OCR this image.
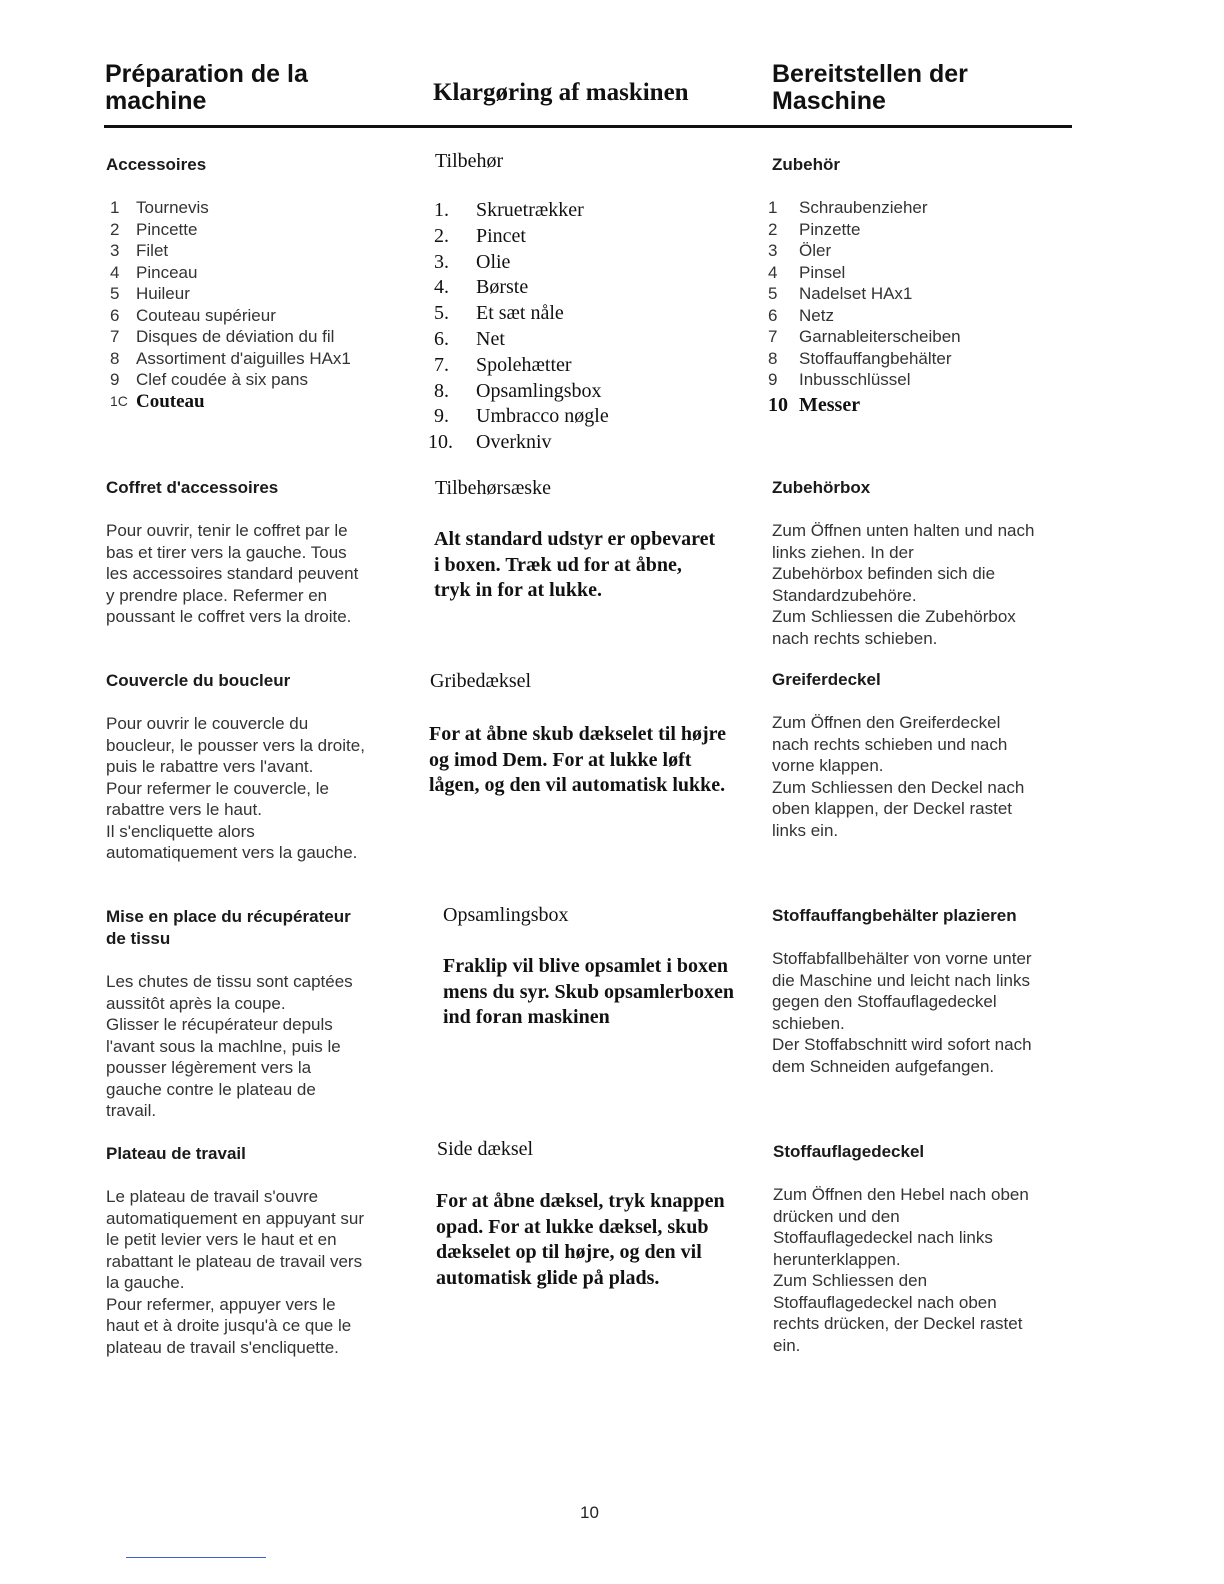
Préparation de la
machine	Klargøring af maskinen
Bereitstellen der
Maschine
Accessoires
1 Tournevis
2 Pincette
3 Filet
4 Pinceau
5 Huileur
6 Couteau supérieur
7 Disques de déviation du fil
8 Assortiment d'aiguilles HAx1
9 Clef coudée à six pans
1C Couteau
Coffret d'accessoires
Pour ouvrir, tenir le coffret par le
bas et tirer vers la gauche. Tous
les accessoires standard peuvent
y prendre place. Refermer en
poussant le coffret vers la droite.
Couvercle du boucleur
Pour ouvrir le couvercle du
boucleur, le pousser vers la droite,
puis le rabattre vers l'avant.
Pour refermer le couvercle, le
rabattre vers le haut.
Il s'encliquette alors
automatiquement vers la gauche.
Mise en place du récupérateur
de tissu
Les chutes de tissu sont captées
aussitôt après la coupe.
Glisser le récupérateur depuls
l'avant sous la machlne, puis le
pousser légèrement vers la
gauche contre le plateau de
travail.
Plateau de travail
Le plateau de travail s'ouvre
automatiquement en appuyant sur
le petit levier vers le haut et en
rabattant le plateau de travail vers
la gauche.
Pour refermer, appuyer vers le
haut et à droite jusqu'à ce que le
plateau de travail s'encliquette.
Tilbehør
1.	Skruetrækker
2.	Pincet
3.	Olie
4.	Børste
5.	Et sæt nåle
6.	Net
7.	Spolehætter
8.	Opsamlingsbox
9.	Umbracco nøgle
10.	Overkniv
Tilbehørsæske
Alt standard udstyr er opbevaret
i boxen. Træk ud for at åbne,
tryk in for at lukke.
Gribedæksel
For at åbne skub dækselet til højre
og imod Dem. For at lukke løft
lågen, og den vil automatisk lukke.
Opsamlingsbox
Fraklip vil blive opsamlet i boxen
mens du syr. Skub opsamlerboxen
ind foran maskinen
Side dæksel
For at åbne dæksel, tryk knappen
opad. For at lukke dæksel, skub
dækselet op til højre, og den vil
automatisk glide på plads.
Zubehör
1	Schraubenzieher
2	Pinzette
3	Öler
4	Pinsel
5	Nadelset HAx1
6	Netz
7	Garnableiterscheiben
8	Stoffauffangbehälter
9	Inbusschlüssel
10 Messer
Zubehörbox
Zum Öffnen unten halten und nach
links ziehen. In der
Zubehörbox befinden sich die
Standardzubehöre.
Zum Schliessen die Zubehörbox
nach rechts schieben.
Greiferdeckel
Zum Öffnen den Greiferdeckel
nach rechts schieben und nach
vorne klappen.
Zum Schliessen den Deckel nach
oben klappen, der Deckel rastet
links ein.
Stoffauffangbehälter plazieren
Stoffabfallbehälter von vorne unter
die Maschine und leicht nach links
gegen den Stoffauflagedeckel
schieben.
Der Stoffabschnitt wird sofort nach
dem Schneiden aufgefangen.
Stoffauflagedeckel
Zum Öffnen den Hebel nach oben
drücken und den
Stoffauflagedeckel nach links
herunterklappen.
Zum Schliessen den
Stoffauflagedeckel nach oben
rechts drücken, der Deckel rastet
ein.
10
